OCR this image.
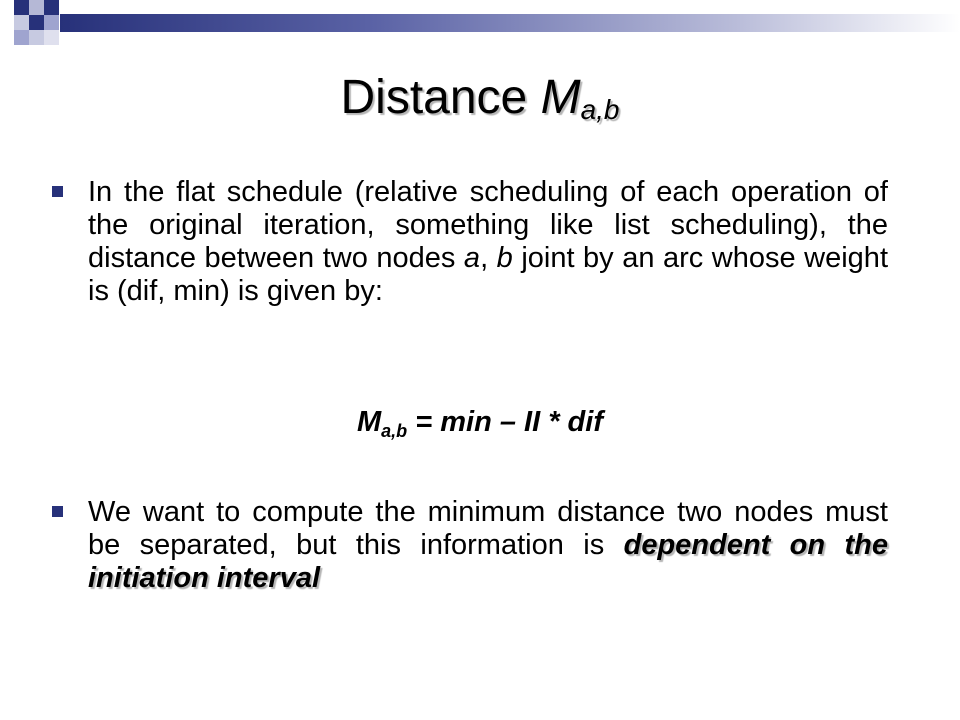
Distance $M_{a,b}$
In the flat schedule (relative scheduling of each operation of the original iteration, something like list scheduling), the distance between two nodes a, b joint by an arc whose weight is (dif, min) is given by:
We want to compute the minimum distance two nodes must be separated, but this information is dependent on the initiation interval
$M_{a,b} = \min$ – II * dif
